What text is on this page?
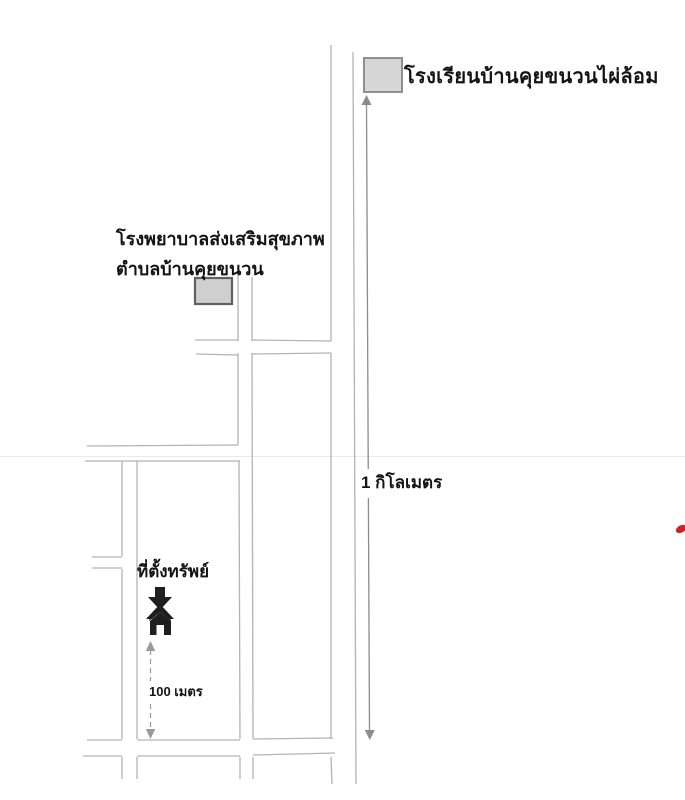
โรงเรียนบ้านคุยขนวนไผ่ล้อม
โรงพยาบาลส่งเสริมสุขภาพ
ตำบลบ้านคุยขนวน
1 กิโลเมตร
ที่ตั้งทรัพย์
100 เมตร
